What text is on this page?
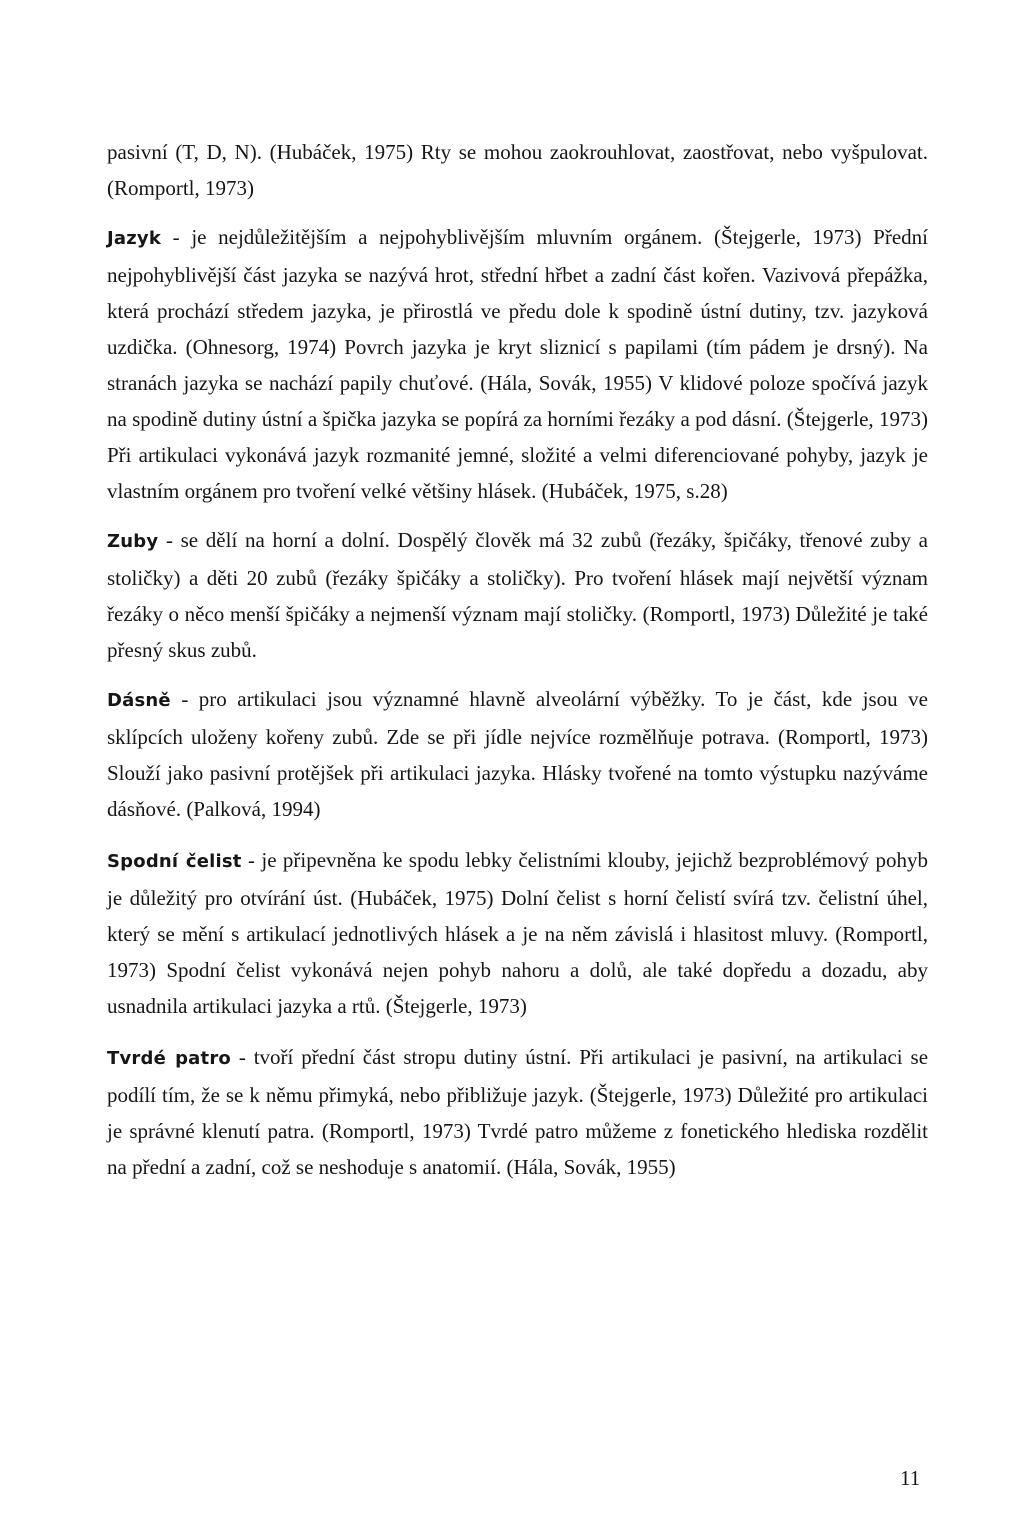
pasivní (T, D, N). (Hubáček, 1975) Rty se mohou zaokrouhlovat, zaostřovat, nebo vyšpulovat. (Romportl, 1973)

Jazyk - je nejdůležitějším a nejpohyblivějším mluvním orgánem. (Štejgerle, 1973) Přední nejpohyblivější část jazyka se nazývá hrot, střední hřbet a zadní část kořen. Vazivová přepážka, která prochází středem jazyka, je přirostlá ve předu dole k spodině ústní dutiny, tzv. jazyková uzdička. (Ohnesorg, 1974) Povrch jazyka je kryt sliznicí s papilami (tím pádem je drsný). Na stranách jazyka se nachází papily chuťové. (Hála, Sovák, 1955) V klidové poloze spočívá jazyk na spodině dutiny ústní a špička jazyka se popírá za horními řezáky a pod dásní. (Štejgerle, 1973) Při artikulaci vykonává jazyk rozmanité jemné, složité a velmi diferenciované pohyby, jazyk je vlastním orgánem pro tvoření velké většiny hlásek. (Hubáček, 1975, s.28)

Zuby - se dělí na horní a dolní. Dospělý člověk má 32 zubů (řezáky, špičáky, třenové zuby a stoličky) a děti 20 zubů (řezáky špičáky a stoličky). Pro tvoření hlásek mají největší význam řezáky o něco menší špičáky a nejmenší význam mají stoličky. (Romportl, 1973) Důležité je také přesný skus zubů.

Dásně - pro artikulaci jsou významné hlavně alveolární výběžky. To je část, kde jsou ve sklípcích uloženy kořeny zubů. Zde se při jídle nejvíce rozmělňuje potrava. (Romportl, 1973) Slouží jako pasivní protějšek při artikulaci jazyka. Hlásky tvořené na tomto výstupku nazýváme dásňové. (Palková, 1994)

Spodní čelist - je připevněna ke spodu lebky čelistními klouby, jejichž bezproblémový pohyb je důležitý pro otvírání úst. (Hubáček, 1975) Dolní čelist s horní čelistí svírá tzv. čelistní úhel, který se mění s artikulací jednotlivých hlásek a je na něm závislá i hlasitost mluvy. (Romportl, 1973) Spodní čelist vykonává nejen pohyb nahoru a dolů, ale také dopředu a dozadu, aby usnadnila artikulaci jazyka a rtů. (Štejgerle, 1973)

Tvrdé patro - tvoří přední část stropu dutiny ústní. Při artikulaci je pasivní, na artikulaci se podílí tím, že se k němu přimyká, nebo přibližuje jazyk. (Štejgerle, 1973) Důležité pro artikulaci je správné klenutí patra. (Romportl, 1973) Tvrdé patro můžeme z fonetického hlediska rozdělit na přední a zadní, což se neshoduje s anatomií. (Hála, Sovák, 1955)

11
